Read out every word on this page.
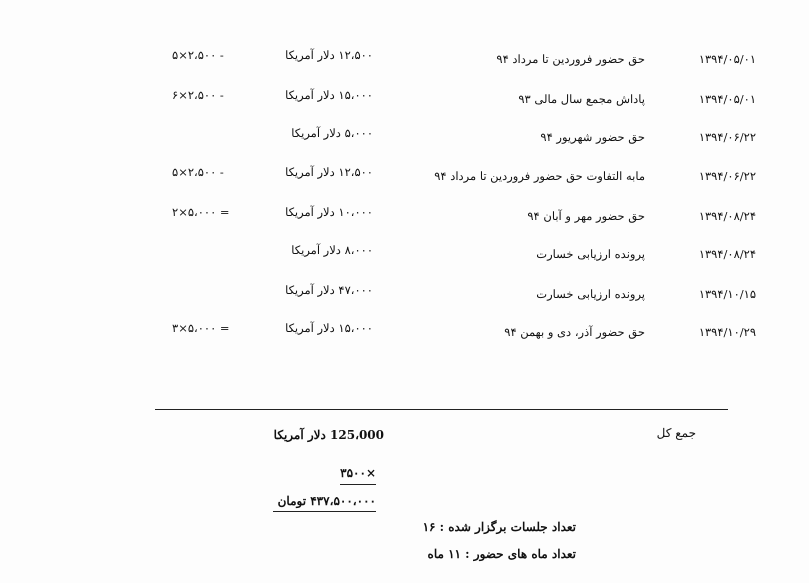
۱۳۹۴/۰۵/۰۱
حق حضور فروردین تا مرداد ۹۴
۱۲،۵۰۰ دلار آمریکا
- ۲،۵۰۰×۵
۱۳۹۴/۰۵/۰۱
پاداش مجمع سال مالی ۹۳
۱۵،۰۰۰ دلار آمریکا
- ۲،۵۰۰×۶
۱۳۹۴/۰۶/۲۲
حق حضور شهریور ۹۴
۵،۰۰۰ دلار آمریکا
۱۳۹۴/۰۶/۲۲
مابه التفاوت حق حضور فروردین تا مرداد ۹۴
۱۲،۵۰۰ دلار آمریکا
- ۲،۵۰۰×۵
۱۳۹۴/۰۸/۲۴
حق حضور مهر و آبان ۹۴
۱۰،۰۰۰ دلار آمریکا
= ۵،۰۰۰×۲
۱۳۹۴/۰۸/۲۴
پرونده ارزیابی خسارت
۸،۰۰۰ دلار آمریکا
۱۳۹۴/۱۰/۱۵
پرونده ارزیابی خسارت
۴۷،۰۰۰ دلار آمریکا
۱۳۹۴/۱۰/۲۹
حق حضور آذر، دی و بهمن ۹۴
۱۵،۰۰۰ دلار آمریکا
= ۵،۰۰۰×۳
جمع کل
125،000 دلار آمریکا
×۳۵۰۰
۴۳۷،۵۰۰،۰۰۰ تومان
تعداد جلسات برگزار شده : ۱۶
تعداد ماه های حضور : ۱۱ ماه
